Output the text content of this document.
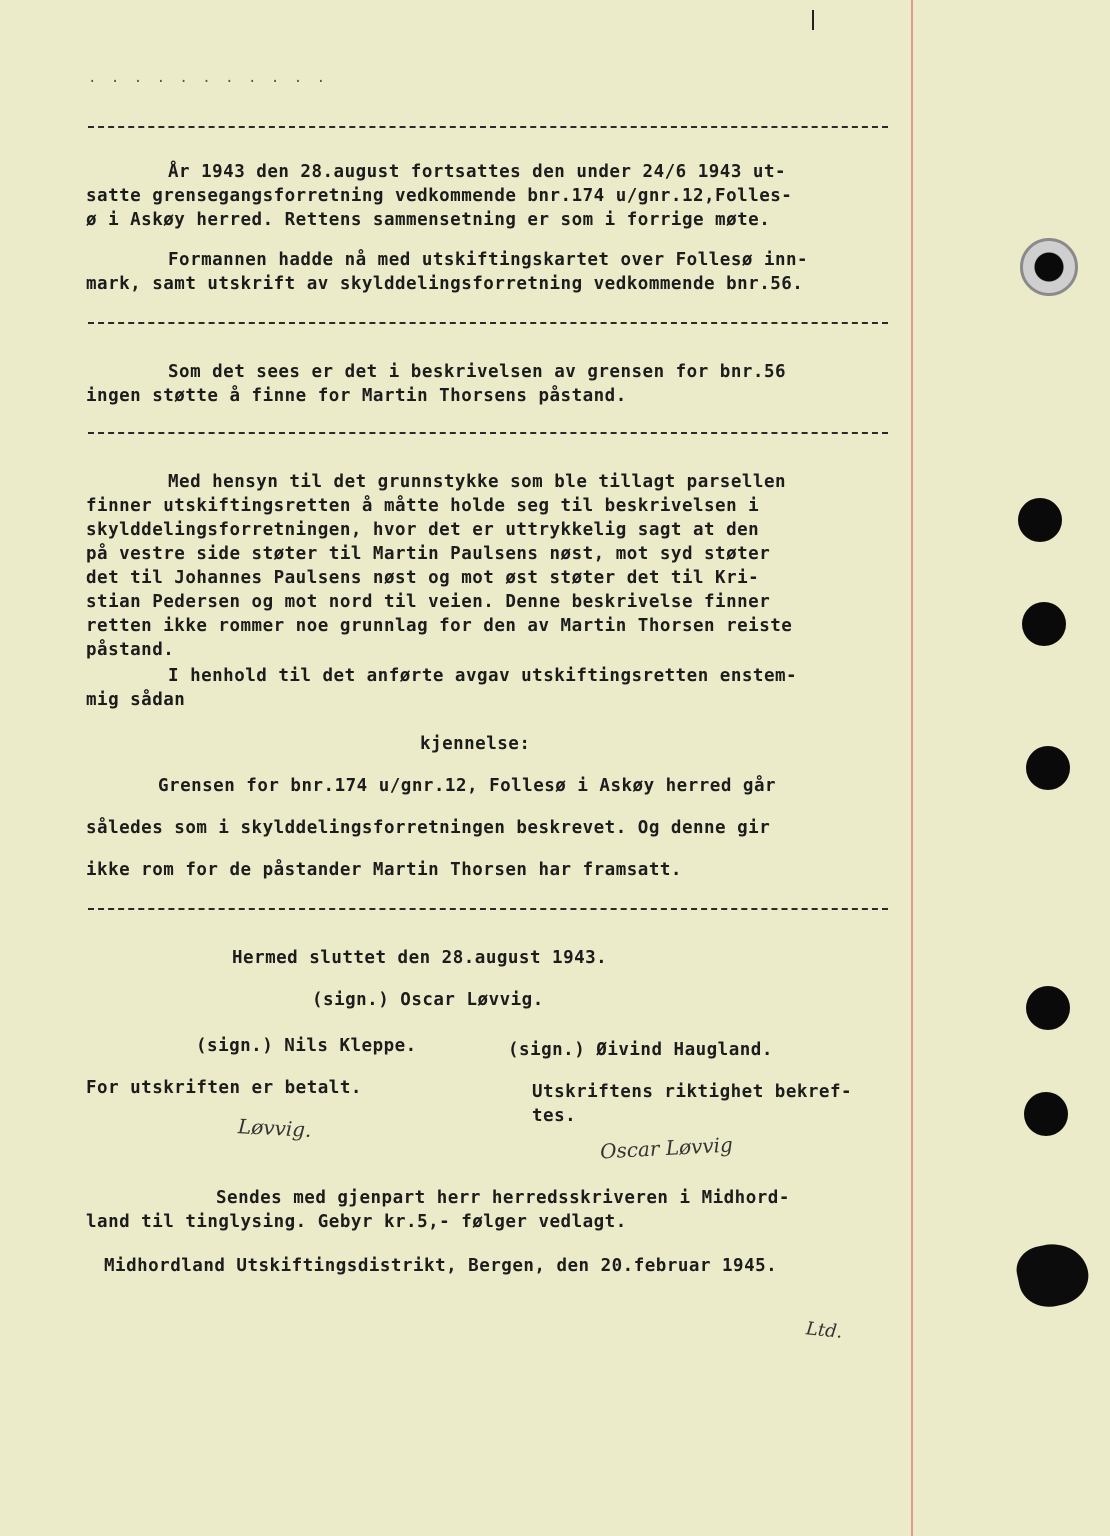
. . . . . . . . . . .
År 1943 den 28.august fortsattes den under 24/6 1943 ut-
satte grensegangsforretning vedkommende bnr.174 u/gnr.12,Folles-
ø i Askøy herred. Rettens sammensetning er som i forrige møte.
Formannen hadde nå med utskiftingskartet over Follesø inn-
mark, samt utskrift av skylddelingsforretning vedkommende bnr.56.
Som det sees er det i beskrivelsen av grensen for bnr.56
ingen støtte å finne for Martin Thorsens påstand.
Med hensyn til det grunnstykke som ble tillagt parsellen
finner utskiftingsretten å måtte holde seg til beskrivelsen i
skylddelingsforretningen, hvor det er uttrykkelig sagt at den
på vestre side støter til Martin Paulsens nøst, mot syd støter
det til Johannes Paulsens nøst og mot øst støter det til Kri-
stian Pedersen og mot nord til veien. Denne beskrivelse finner
retten ikke rommer noe grunnlag for den av Martin Thorsen reiste
påstand.
I henhold til det anførte avgav utskiftingsretten enstem-
mig sådan
kjennelse:
Grensen for bnr.174 u/gnr.12, Follesø i Askøy herred går
således som i skylddelingsforretningen beskrevet. Og denne gir
ikke rom for de påstander Martin Thorsen har framsatt.
Hermed sluttet den 28.august 1943.
(sign.) Oscar Løvvig.
(sign.) Nils Kleppe.	(sign.) Øivind Haugland.
For utskriften er betalt.	Utskriftens riktighet bekref-
tes.
Løvvig.
Oscar Løvvig
Sendes med gjenpart herr herredsskriveren i Midhord-
land til tinglysing. Gebyr kr.5,- følger vedlagt.
Midhordland Utskiftingsdistrikt, Bergen, den 20.februar 1945.
Ltd.
